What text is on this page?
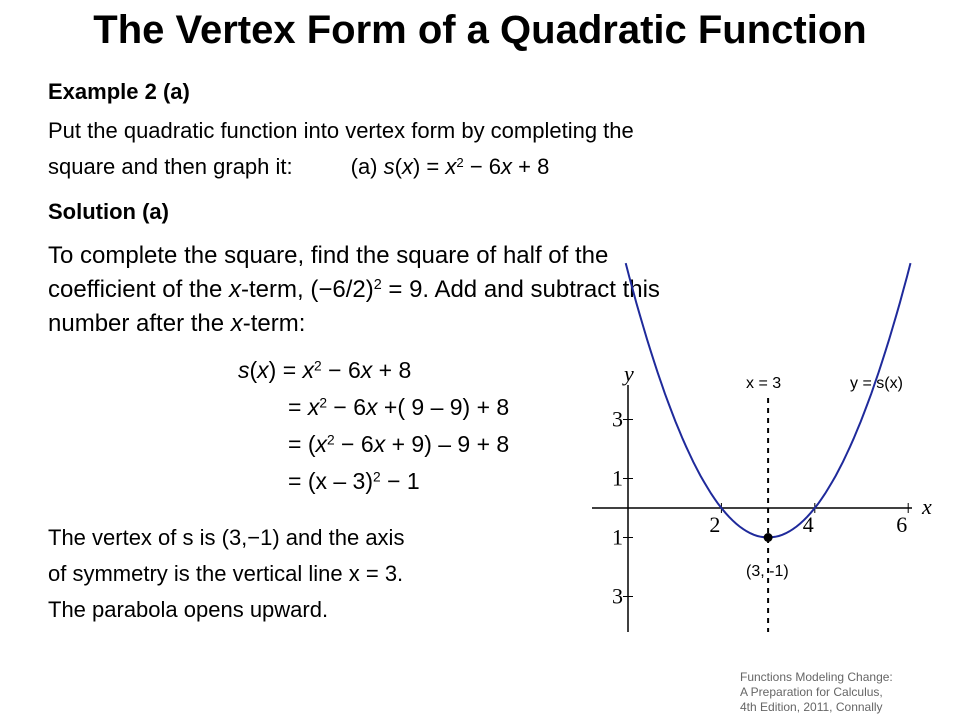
The Vertex Form of a Quadratic Function
Example 2 (a)
Put the quadratic function into vertex form by completing the
square and then graph it:	(a) $s(x) = x^2 - 6x + 8$
Solution (a)
To complete the square, find the square of half of the
coefficient of the x-term, $(-6/2)^2 = 9$. Add and subtract this
number after the x-term:
$s(x) = x^2 - 6x + 8$
= $x^2 - 6x$ +( 9 – 9) + 8
= $(x^2 - 6x + 9) - 9 + 8$
= (x – 3)$^2$ − 1
The vertex of s is (3,−1) and the axis
of symmetry is the vertical line x = 3.
The parabola opens upward.
y
x
2	4	6
3
1
1
3
x = 3	y = s(x)
(3, -1)
Functions Modeling Change:
A Preparation for Calculus,
4th Edition, 2011, Connally
